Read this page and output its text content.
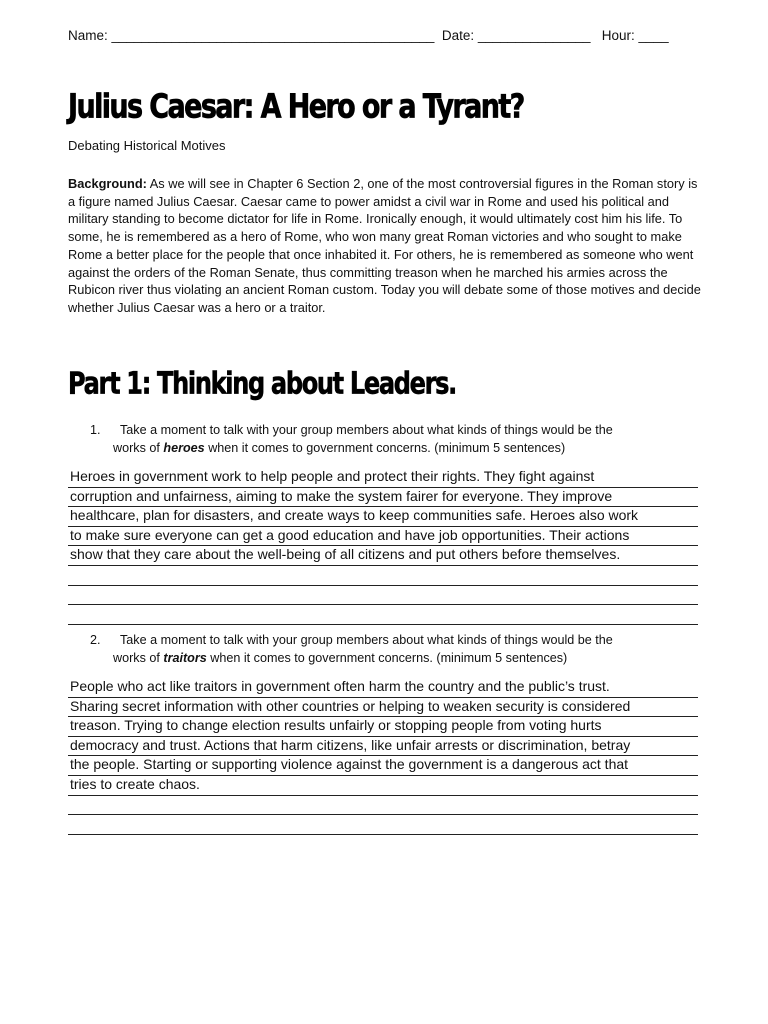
Name: ___________________________________________ Date: _______________ Hour: ____
Julius Caesar: A Hero or a Tyrant?
Debating Historical Motives

Background: As we will see in Chapter 6 Section 2, one of the most controversial figures in the Roman story is a figure named Julius Caesar. Caesar came to power amidst a civil war in Rome and used his political and military standing to become dictator for life in Rome. Ironically enough, it would ultimately cost him his life. To some, he is remembered as a hero of Rome, who won many great Roman victories and who sought to make Rome a better place for the people that once inhabited it. For others, he is remembered as someone who went against the orders of the Roman Senate, thus committing treason when he marched his armies across the Rubicon river thus violating an ancient Roman custom. Today you will debate some of those motives and decide whether Julius Caesar was a hero or a traitor.

Part 1: Thinking about Leaders.
1. Take a moment to talk with your group members about what kinds of things would be the
works of heroes when it comes to government concerns. (minimum 5 sentences)
Heroes in government work to help people and protect their rights. They fight against
corruption and unfairness, aiming to make the system fairer for everyone. They improve
healthcare, plan for disasters, and create ways to keep communities safe. Heroes also work
to make sure everyone can get a good education and have job opportunities. Their actions
show that they care about the well-being of all citizens and put others before themselves.
2. Take a moment to talk with your group members about what kinds of things would be the
works of traitors when it comes to government concerns. (minimum 5 sentences)
People who act like traitors in government often harm the country and the public’s trust.
Sharing secret information with other countries or helping to weaken security is considered
treason. Trying to change election results unfairly or stopping people from voting hurts
democracy and trust. Actions that harm citizens, like unfair arrests or discrimination, betray
the people. Starting or supporting violence against the government is a dangerous act that
tries to create chaos.
